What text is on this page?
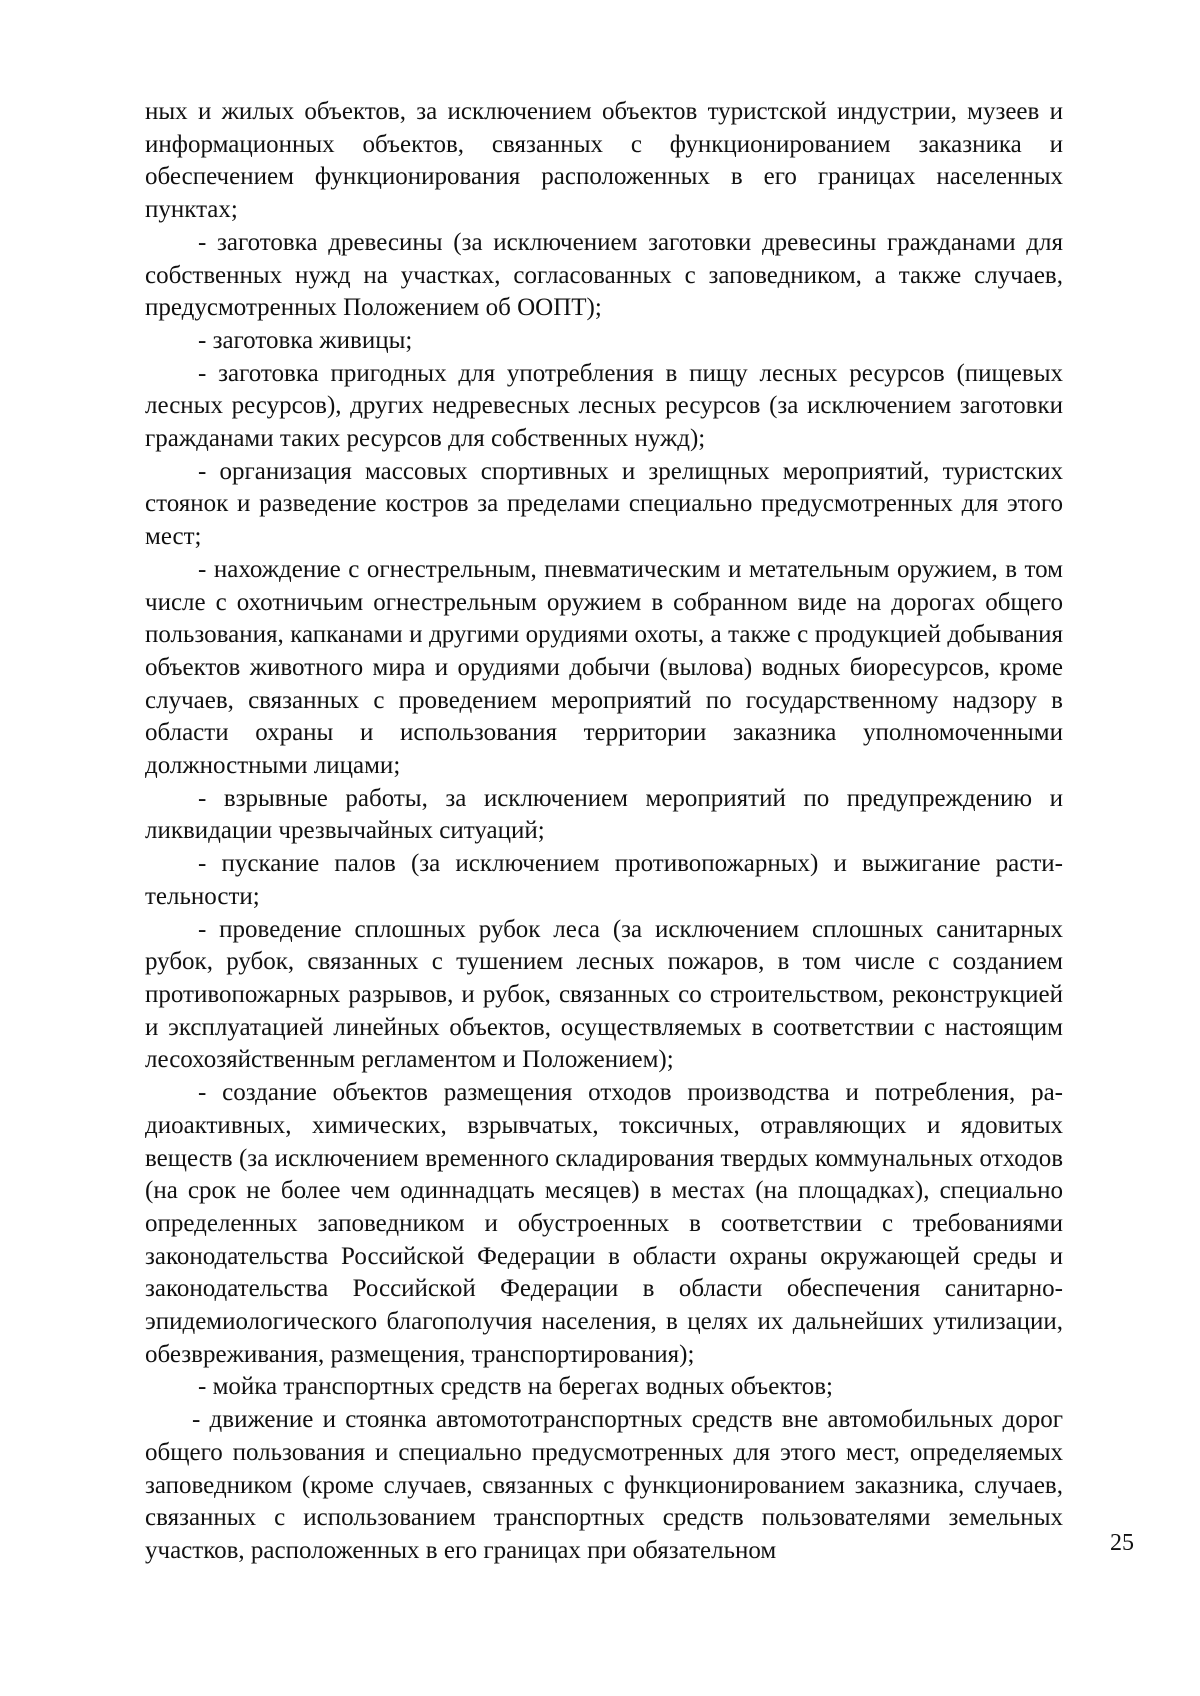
ных и жилых объектов, за исключением объектов туристской индустрии, музеев и информационных объектов, связанных с функционированием заказника и обеспечением функционирования расположенных в его границах населенных пунктах;

- заготовка древесины (за исключением заготовки древесины гражданами для собственных нужд на участках, согласованных с заповедником, а также случаев, предусмотренных Положением об ООПТ);

- заготовка живицы;

- заготовка пригодных для употребления в пищу лесных ресурсов (пищевых лесных ресурсов), других недревесных лесных ресурсов (за исключением заготовки гражданами таких ресурсов для собственных нужд);

- организация массовых спортивных и зрелищных мероприятий, туристских стоянок и разведение костров за пределами специально предусмотренных для этого мест;

- нахождение с огнестрельным, пневматическим и метательным оружием, в том числе с охотничьим огнестрельным оружием в собранном виде на дорогах общего пользования, капканами и другими орудиями охоты, а также с продукцией добывания объектов животного мира и орудиями добычи (вылова) водных биоресурсов, кроме случаев, связанных с проведением мероприятий по государственному надзору в области охраны и использования территории заказника уполномоченными должностными лицами;

- взрывные работы, за исключением мероприятий по предупреждению и ликвидации чрезвычайных ситуаций;

- пускание палов (за исключением противопожарных) и выжигание растительности;

- проведение сплошных рубок леса (за исключением сплошных санитарных рубок, рубок, связанных с тушением лесных пожаров, в том числе с созданием противопожарных разрывов, и рубок, связанных со строительством, реконструкцией и эксплуатацией линейных объектов, осуществляемых в соответствии с настоящим лесохозяйственным регламентом и Положением);

- создание объектов размещения отходов производства и потребления, радиоактивных, химических, взрывчатых, токсичных, отравляющих и ядовитых веществ (за исключением временного складирования твердых коммунальных отходов (на срок не более чем одиннадцать месяцев) в местах (на площадках), специально определенных заповедником и обустроенных в соответствии с требованиями законодательства Российской Федерации в области охраны окружающей среды и законодательства Российской Федерации в области обеспечения санитарно-эпидемиологического благополучия населения, в целях их дальнейших утилизации, обезвреживания, размещения, транспортирования);

- мойка транспортных средств на берегах водных объектов;

- движение и стоянка автомототранспортных средств вне автомобильных дорог общего пользования и специально предусмотренных для этого мест, определяемых заповедником (кроме случаев, связанных с функционированием заказника, случаев, связанных с использованием транспортных средств пользователями земельных участков, расположенных в его границах при обязательном	25
